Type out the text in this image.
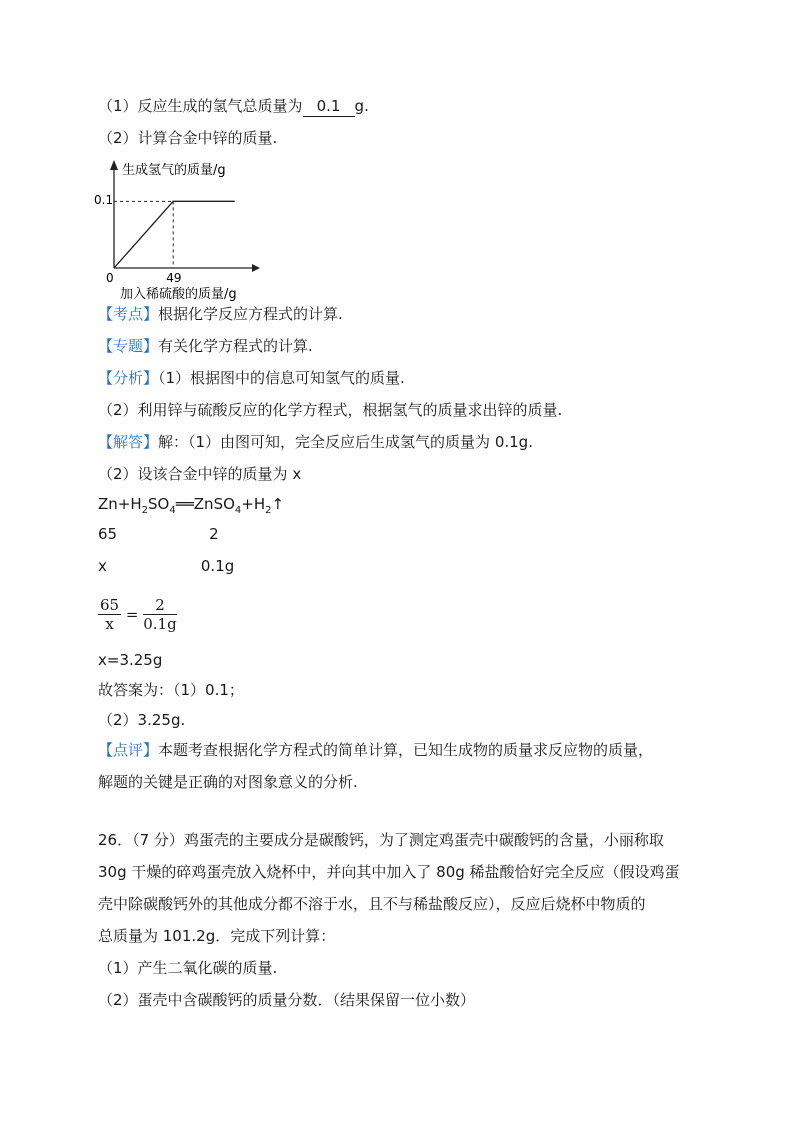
（1）反应生成的氢气总质量为 0.1 g.
（2）计算合金中锌的质量.
生成氢气的质量/g
0.1
0	49
加入稀硫酸的质量/g
【考点】根据化学反应方程式的计算.
【专题】有关化学方程式的计算.
【分析】（1）根据图中的信息可知氢气的质量.
（2）利用锌与硫酸反应的化学方程式，根据氢气的质量求出锌的质量.
【解答】解：（1）由图可知，完全反应后生成氢气的质量为 0.1g.
（2）设该合金中锌的质量为 x
$Zn+H_2SO_4══ZnSO_4+H_2↑$
65	2
x	0.1g
$\frac{65}{x} = \frac{2}{0.1g}$
x=3.25g
故答案为：（1）0.1；
（2）3.25g.
【点评】本题考查根据化学方程式的简单计算，已知生成物的质量求反应物的质量，
解题的关键是正确的对图象意义的分析.
26．（7 分）鸡蛋壳的主要成分是碳酸钙，为了测定鸡蛋壳中碳酸钙的含量，小丽称取
30g 干燥的碎鸡蛋壳放入烧杯中，并向其中加入了 80g 稀盐酸恰好完全反应（假设鸡蛋
壳中除碳酸钙外的其他成分都不溶于水，且不与稀盐酸反应），反应后烧杯中物质的
总质量为 101.2g．完成下列计算：
（1）产生二氧化碳的质量.
（2）蛋壳中含碳酸钙的质量分数．（结果保留一位小数）
